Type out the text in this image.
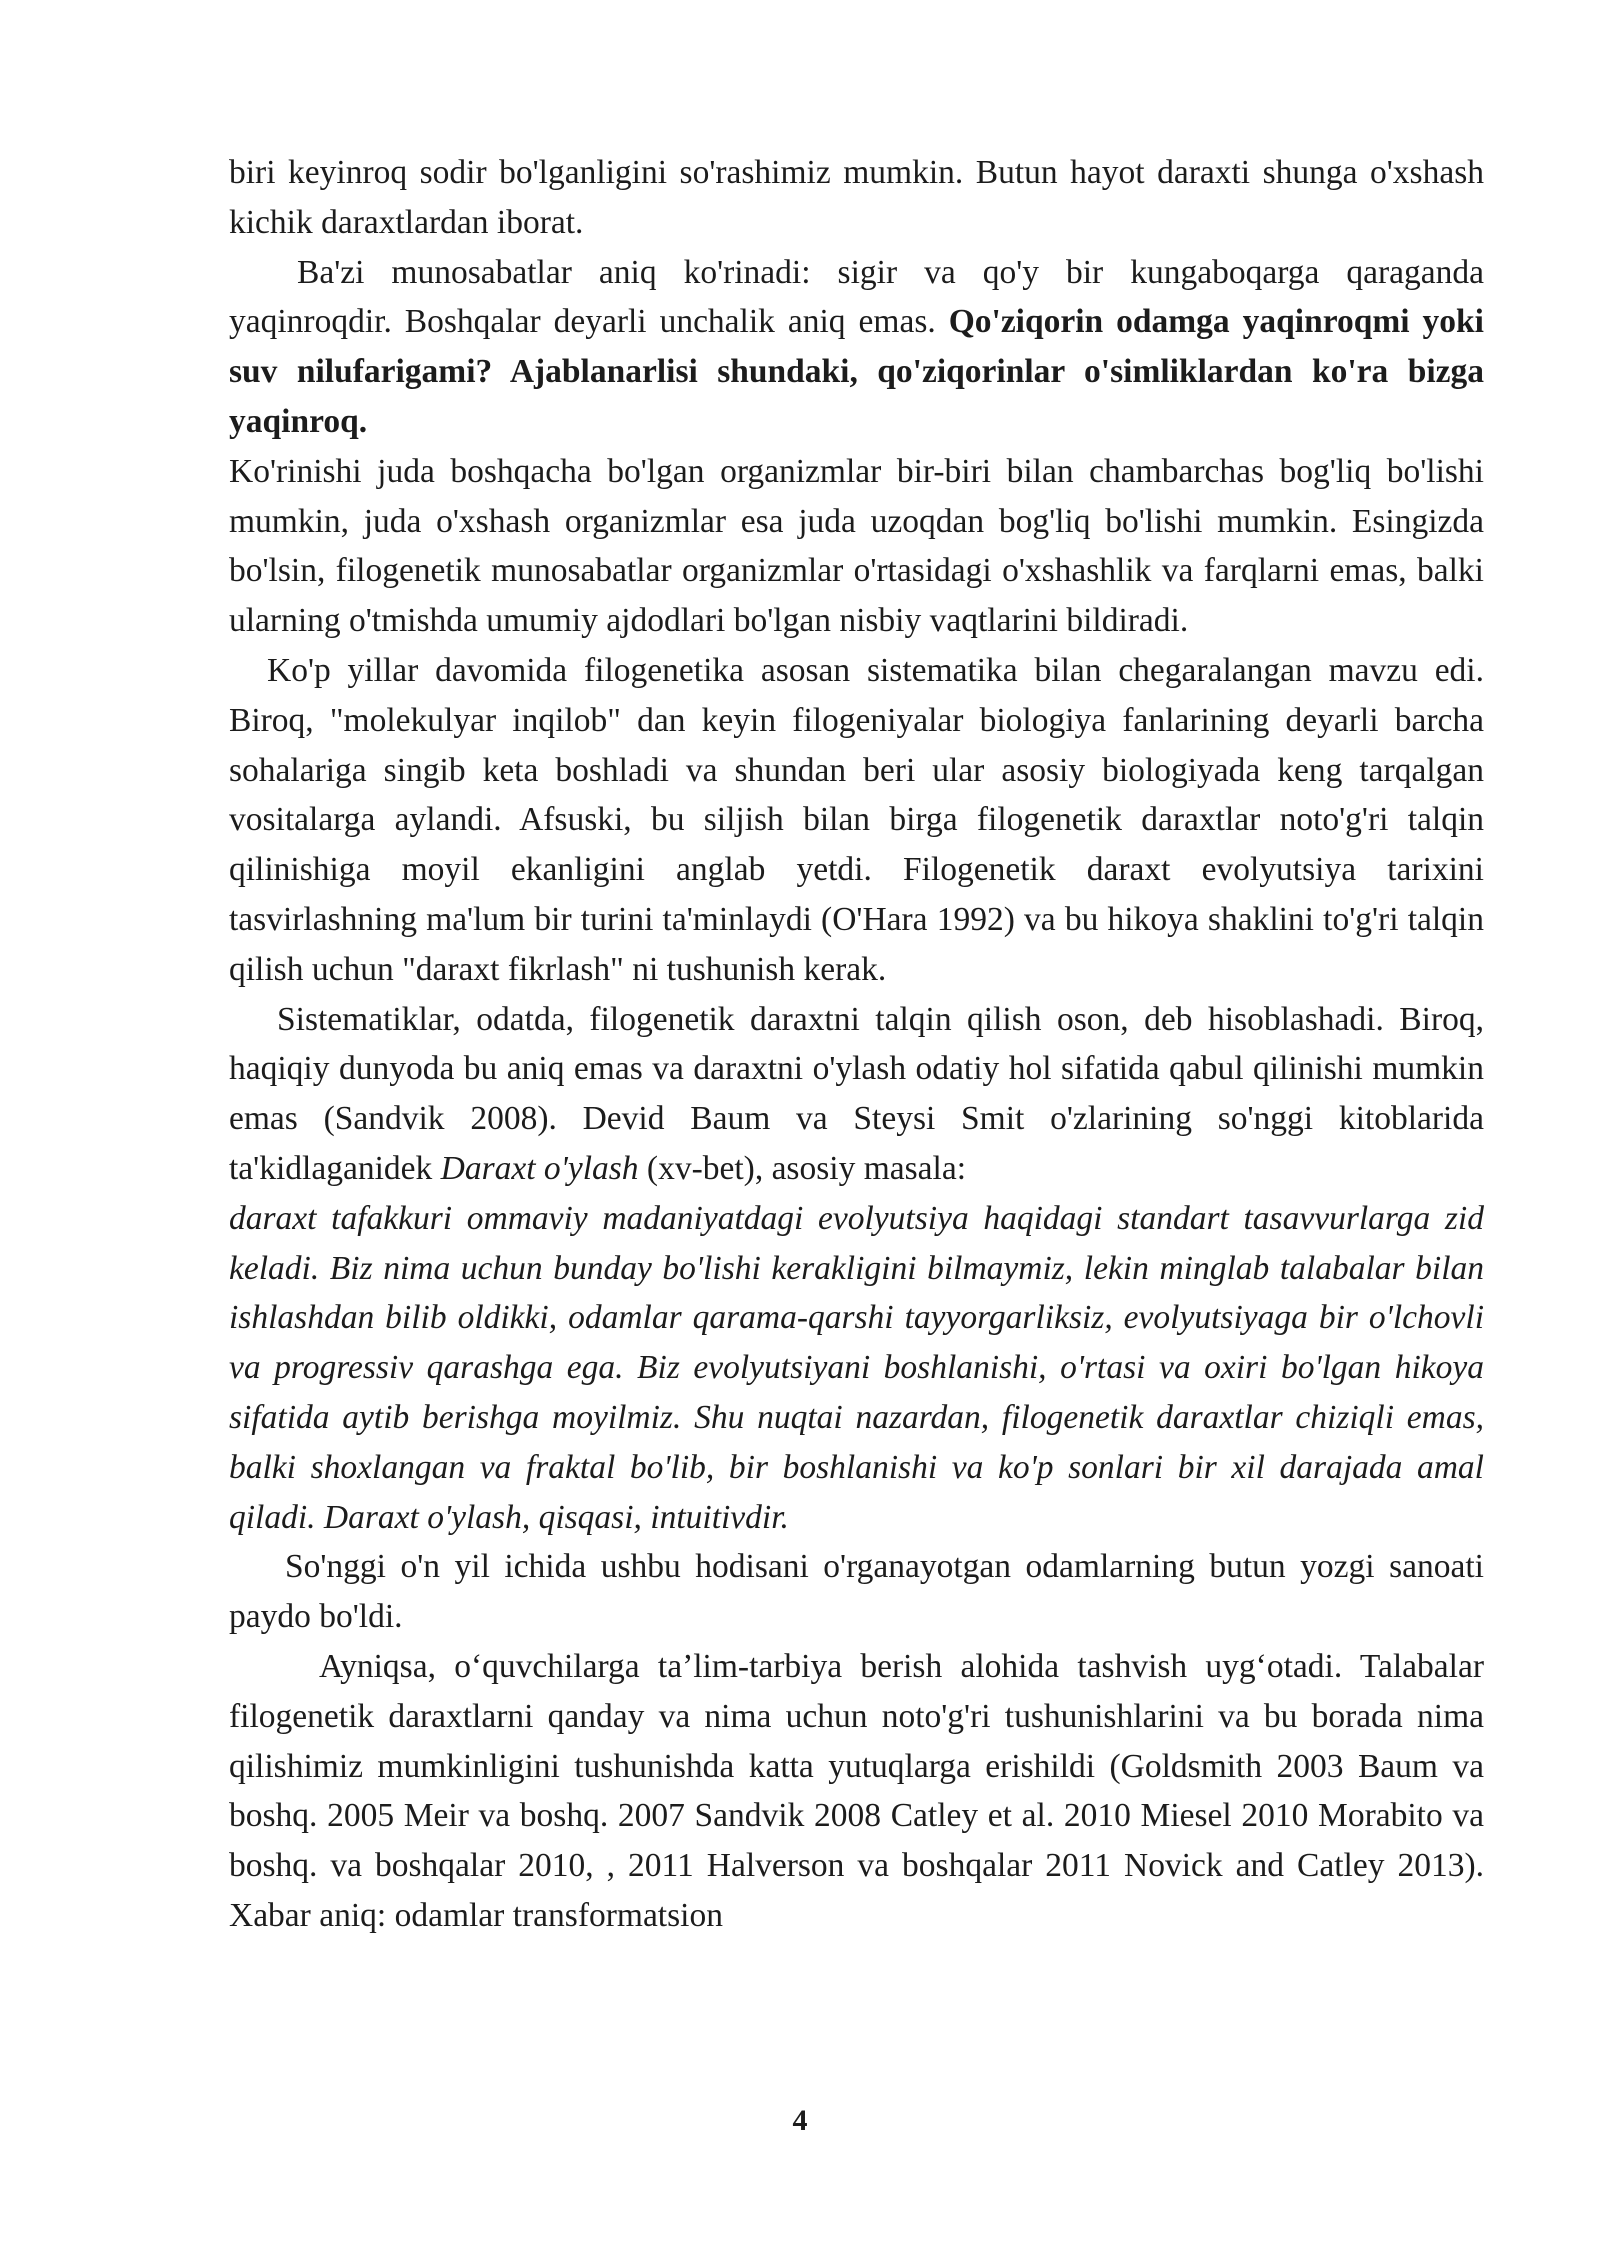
biri keyinroq sodir bo'lganligini so'rashimiz mumkin. Butun hayot daraxti shunga o'xshash kichik daraxtlardan iborat.

Ba'zi munosabatlar aniq ko'rinadi: sigir va qo'y bir kungaboqarga qaraganda yaqinroqdir. Boshqalar deyarli unchalik aniq emas. Qo'ziqorin odamga yaqinroqmi yoki suv nilufarigami? Ajablanarlisi shundaki, qo'ziqorinlar o'simliklardan ko'ra bizga yaqinroq.

Ko'rinishi juda boshqacha bo'lgan organizmlar bir-biri bilan chambarchas bog'liq bo'lishi mumkin, juda o'xshash organizmlar esa juda uzoqdan bog'liq bo'lishi mumkin. Esingizda bo'lsin, filogenetik munosabatlar organizmlar o'rtasidagi o'xshashlik va farqlarni emas, balki ularning o'tmishda umumiy ajdodlari bo'lgan nisbiy vaqtlarini bildiradi.

Ko'p yillar davomida filogenetika asosan sistematika bilan chegaralangan mavzu edi. Biroq, "molekulyar inqilob" dan keyin filogeniyalar biologiya fanlarining deyarli barcha sohalariga singib keta boshladi va shundan beri ular asosiy biologiyada keng tarqalgan vositalarga aylandi. Afsuski, bu siljish bilan birga filogenetik daraxtlar noto'g'ri talqin qilinishiga moyil ekanligini anglab yetdi. Filogenetik daraxt evolyutsiya tarixini tasvirlashning ma'lum bir turini ta'minlaydi (O'Hara 1992) va bu hikoya shaklini to'g'ri talqin qilish uchun "daraxt fikrlash" ni tushunish kerak.

Sistematiklar, odatda, filogenetik daraxtni talqin qilish oson, deb hisoblashadi. Biroq, haqiqiy dunyoda bu aniq emas va daraxtni o'ylash odatiy hol sifatida qabul qilinishi mumkin emas (Sandvik 2008). Devid Baum va Steysi Smit o'zlarining so'nggi kitoblarida ta'kidlaganidek Daraxt o'ylash (xv-bet), asosiy masala:

daraxt tafakkuri ommaviy madaniyatdagi evolyutsiya haqidagi standart tasavvurlarga zid keladi. Biz nima uchun bunday bo'lishi kerakligini bilmaymiz, lekin minglab talabalar bilan ishlashdan bilib oldikki, odamlar qarama-qarshi tayyorgarliksiz, evolyutsiyaga bir o'lchovli va progressiv qarashga ega. Biz evolyutsiyani boshlanishi, o'rtasi va oxiri bo'lgan hikoya sifatida aytib berishga moyilmiz. Shu nuqtai nazardan, filogenetik daraxtlar chiziqli emas, balki shoxlangan va fraktal bo'lib, bir boshlanishi va ko'p sonlari bir xil darajada amal qiladi. Daraxt o'ylash, qisqasi, intuitivdir.

So'nggi o'n yil ichida ushbu hodisani o'rganayotgan odamlarning butun yozgi sanoati paydo bo'ldi.

Ayniqsa, o‘quvchilarga ta’lim-tarbiya berish alohida tashvish uyg‘otadi. Talabalar filogenetik daraxtlarni qanday va nima uchun noto'g'ri tushunishlarini va bu borada nima qilishimiz mumkinligini tushunishda katta yutuqlarga erishildi (Goldsmith 2003 Baum va boshq. 2005 Meir va boshq. 2007 Sandvik 2008 Catley et al. 2010 Miesel 2010 Morabito va boshq. va boshqalar 2010, , 2011 Halverson va boshqalar 2011 Novick and Catley 2013). Xabar aniq: odamlar transformatsion

4
